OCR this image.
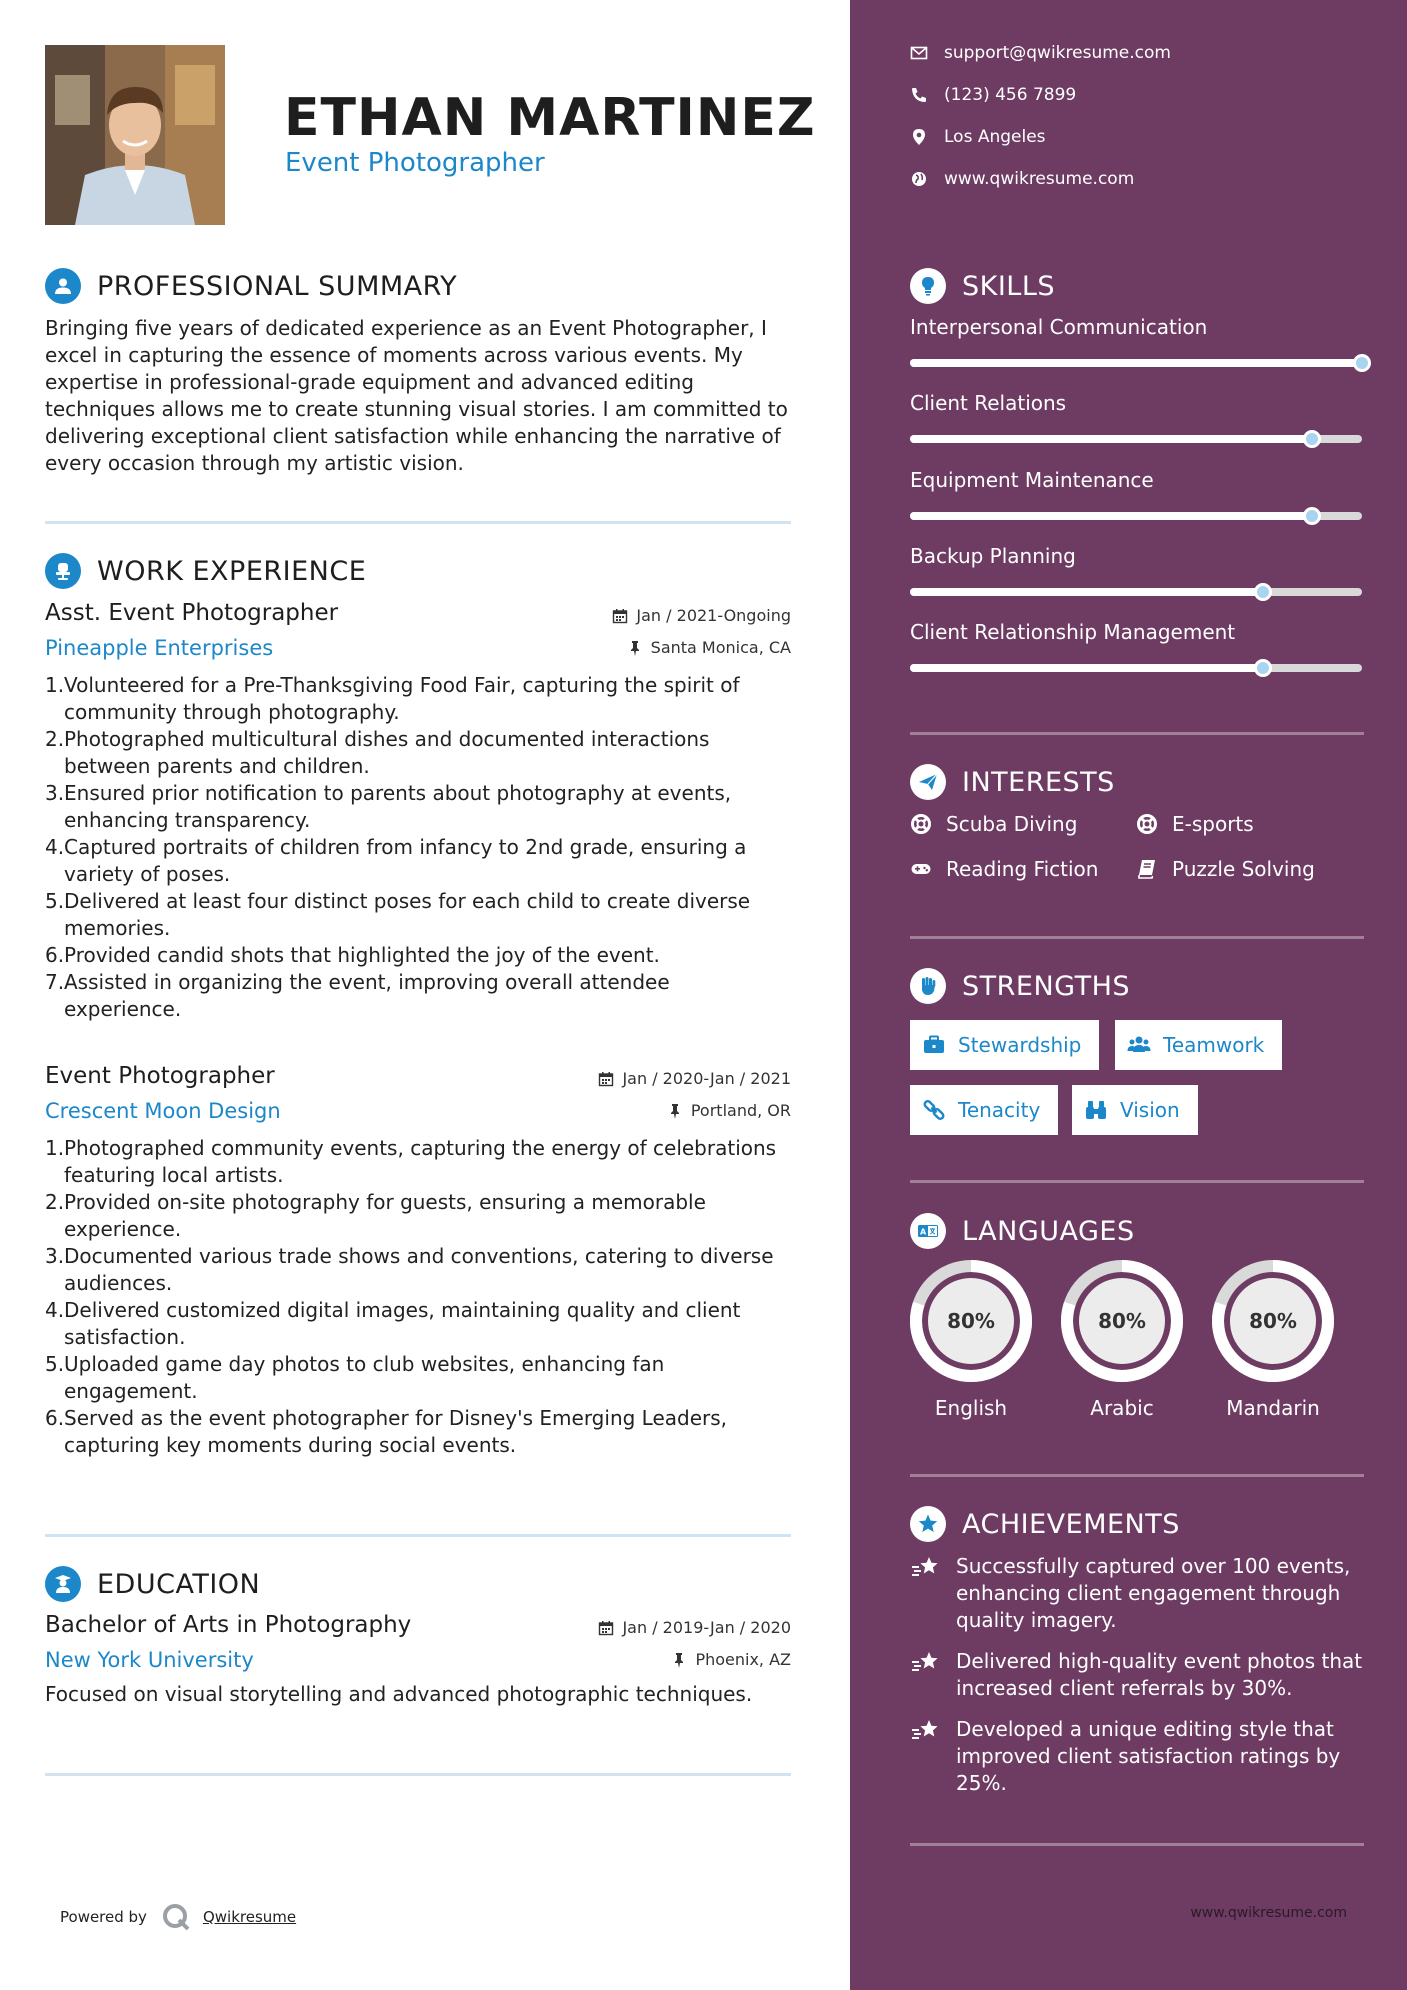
ETHAN MARTINEZ
Event Photographer
PROFESSIONAL SUMMARY
Bringing five years of dedicated experience as an Event Photographer, I excel in capturing the essence of moments across various events. My expertise in professional-grade equipment and advanced editing techniques allows me to create stunning visual stories. I am committed to delivering exceptional client satisfaction while enhancing the narrative of every occasion through my artistic vision.
WORK EXPERIENCE
Asst. Event Photographer
Pineapple Enterprises
Jan / 2021-Ongoing
Santa Monica, CA
1. Volunteered for a Pre-Thanksgiving Food Fair, capturing the spirit of community through photography.
2. Photographed multicultural dishes and documented interactions between parents and children.
3. Ensured prior notification to parents about photography at events, enhancing transparency.
4. Captured portraits of children from infancy to 2nd grade, ensuring a variety of poses.
5. Delivered at least four distinct poses for each child to create diverse memories.
6. Provided candid shots that highlighted the joy of the event.
7. Assisted in organizing the event, improving overall attendee experience.
Event Photographer
Crescent Moon Design
Jan / 2020-Jan / 2021
Portland, OR
1. Photographed community events, capturing the energy of celebrations featuring local artists.
2. Provided on-site photography for guests, ensuring a memorable experience.
3. Documented various trade shows and conventions, catering to diverse audiences.
4. Delivered customized digital images, maintaining quality and client satisfaction.
5. Uploaded game day photos to club websites, enhancing fan engagement.
6. Served as the event photographer for Disney's Emerging Leaders, capturing key moments during social events.
EDUCATION
Bachelor of Arts in Photography
New York University
Jan / 2019-Jan / 2020
Phoenix, AZ
Focused on visual storytelling and advanced photographic techniques.
Powered by	Qwikresume
support@qwikresume.com
(123) 456 7899
Los Angeles
www.qwikresume.com
SKILLS
Interpersonal Communication
Client Relations
Equipment Maintenance
Backup Planning
Client Relationship Management
INTERESTS
Scuba Diving	E-sports
Reading Fiction	Puzzle Solving
STRENGTHS
Stewardship	Teamwork
Tenacity	Vision
A LANGUAGES
80%
English
80%
Arabic
80%
Mandarin
ACHIEVEMENTS
Successfully captured over 100 events, enhancing client engagement through quality imagery.
Delivered high-quality event photos that increased client referrals by 30%.
Developed a unique editing style that improved client satisfaction ratings by 25%.
www.qwikresume.com
